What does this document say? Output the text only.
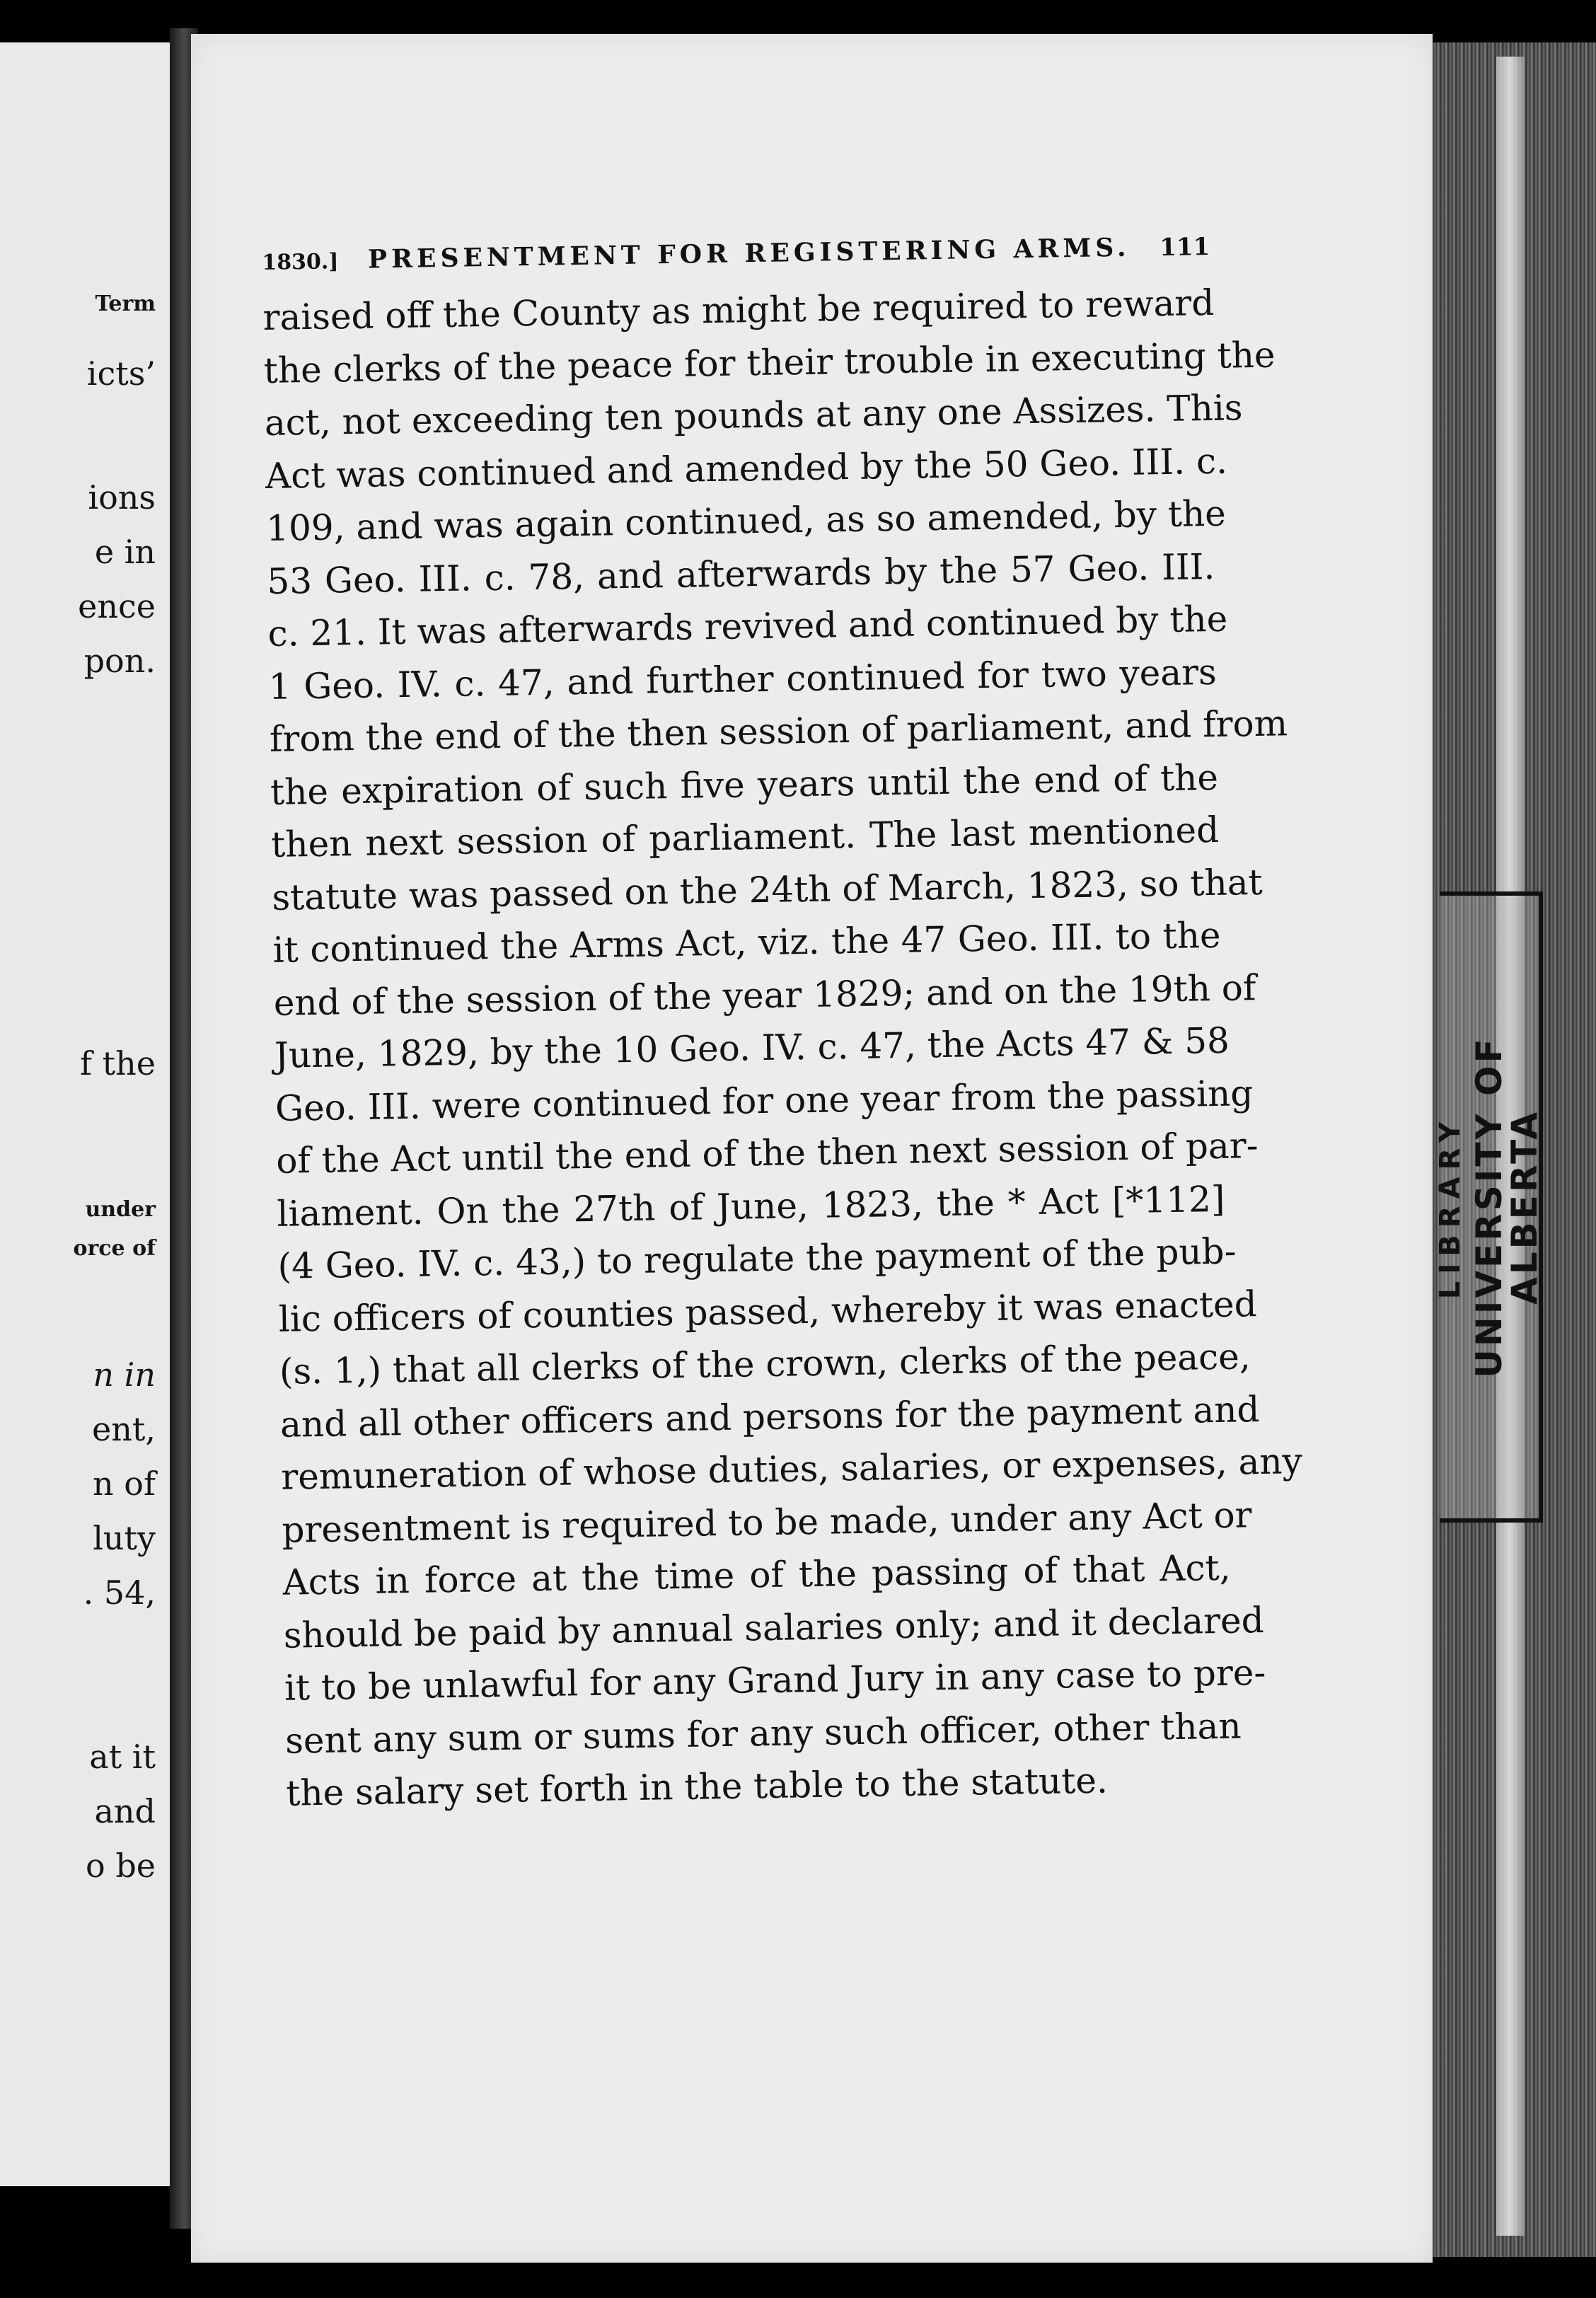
Term
icts’
ions
e in
ence
pon.
f the
under
orce of
n in
ent,
n of
luty
. 54,
at it
and
o be
1830.] PRESENTMENT FOR REGISTERING ARMS. 111
raised off the County as might be required to reward
the clerks of the peace for their trouble in executing the
act, not exceeding ten pounds at any one Assizes. This
Act was continued and amended by the 50 Geo. III. c.
109, and was again continued, as so amended, by the
53 Geo. III. c. 78, and afterwards by the 57 Geo. III.
c. 21. It was afterwards revived and continued by the
1 Geo. IV. c. 47, and further continued for two years
from the end of the then session of parliament, and from
the expiration of such five years until the end of the
then next session of parliament. The last mentioned
statute was passed on the 24th of March, 1823, so that
it continued the Arms Act, viz. the 47 Geo. III. to the
end of the session of the year 1829; and on the 19th of
June, 1829, by the 10 Geo. IV. c. 47, the Acts 47 & 58
Geo. III. were continued for one year from the passing
of the Act until the end of the then next session of par-
liament. On the 27th of June, 1823, the * Act [*112]
(4 Geo. IV. c. 43,) to regulate the payment of the pub-
lic officers of counties passed, whereby it was enacted
(s. 1,) that all clerks of the crown, clerks of the peace,
and all other officers and persons for the payment and
remuneration of whose duties, salaries, or expenses, any
presentment is required to be made, under any Act or
Acts in force at the time of the passing of that Act,
should be paid by annual salaries only; and it declared
it to be unlawful for any Grand Jury in any case to pre-
sent any sum or sums for any such officer, other than
the salary set forth in the table to the statute.
LIBRARY UNIVERSITY OF ALBERTA
